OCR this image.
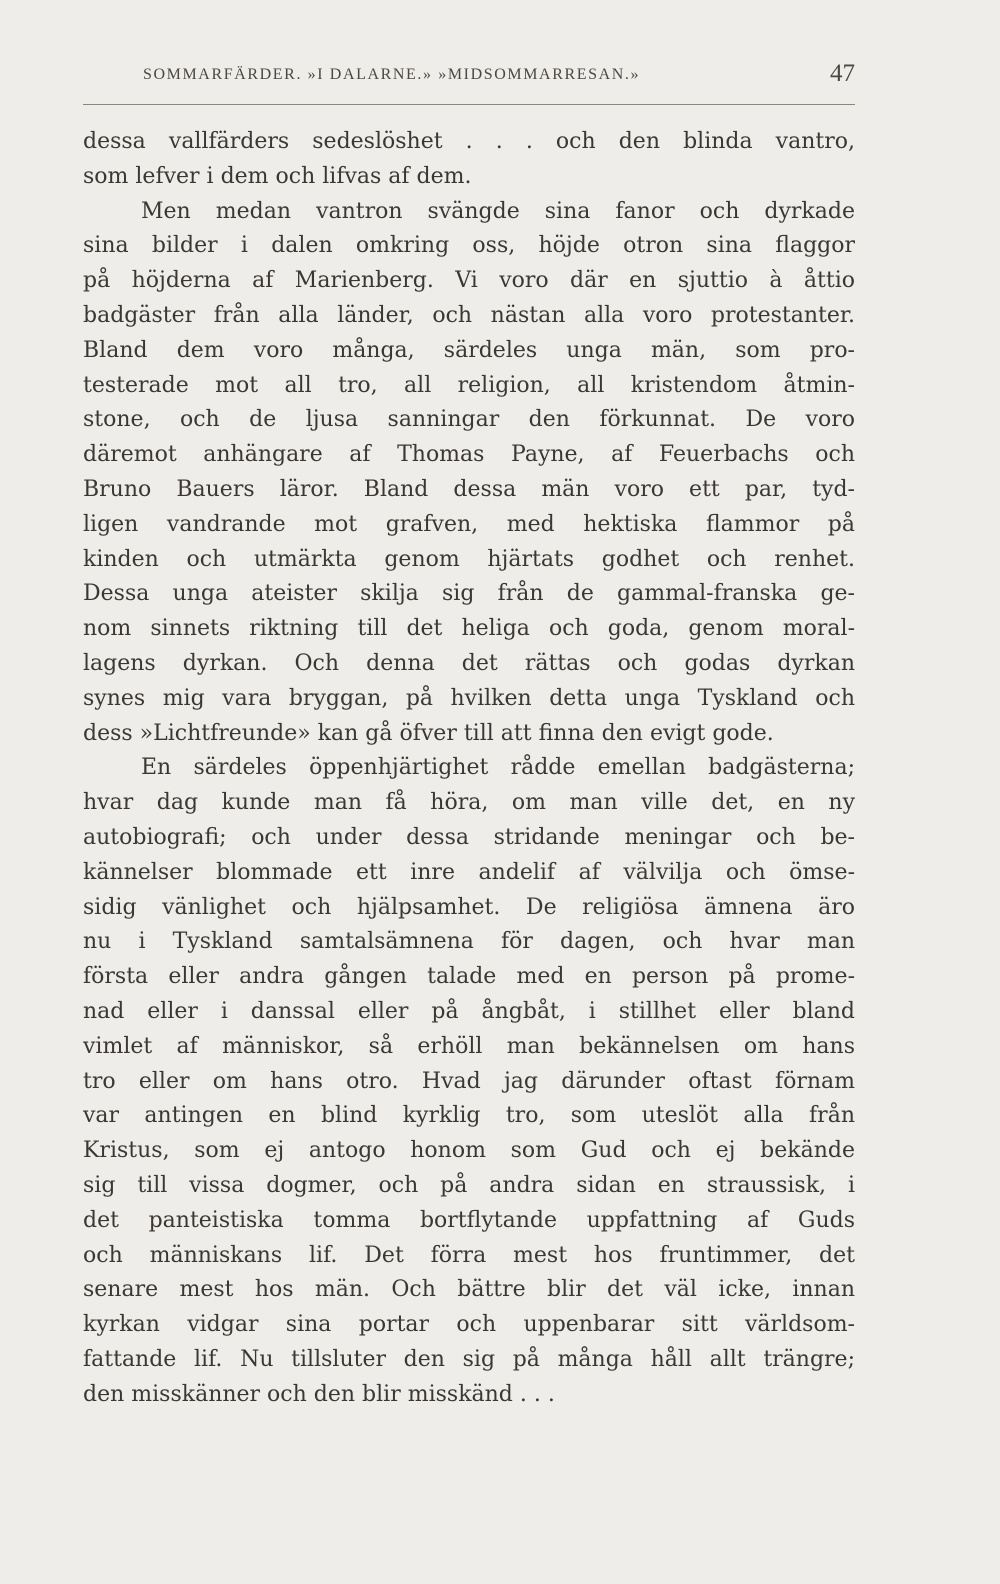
SOMMARFÄRDER. »I DALARNE.» »MIDSOMMARRESAN.»	47
dessa vallfärders sedeslöshet . . . och den blinda vantro,
som lefver i dem och lifvas af dem.
Men medan vantron svängde sina fanor och dyrkade
sina bilder i dalen omkring oss, höjde otron sina flaggor
på höjderna af Marienberg. Vi voro där en sjuttio à åttio
badgäster från alla länder, och nästan alla voro protestanter.
Bland dem voro många, särdeles unga män, som pro-
testerade mot all tro, all religion, all kristendom åtmin-
stone, och de ljusa sanningar den förkunnat. De voro
däremot anhängare af Thomas Payne, af Feuerbachs och
Bruno Bauers läror. Bland dessa män voro ett par, tyd-
ligen vandrande mot grafven, med hektiska flammor på
kinden och utmärkta genom hjärtats godhet och renhet.
Dessa unga ateister skilja sig från de gammal-franska ge-
nom sinnets riktning till det heliga och goda, genom moral-
lagens dyrkan. Och denna det rättas och godas dyrkan
synes mig vara bryggan, på hvilken detta unga Tyskland och
dess »Lichtfreunde» kan gå öfver till att finna den evigt gode.
En särdeles öppenhjärtighet rådde emellan badgästerna;
hvar dag kunde man få höra, om man ville det, en ny
autobiografi; och under dessa stridande meningar och be-
kännelser blommade ett inre andelif af välvilja och ömse-
sidig vänlighet och hjälpsamhet. De religiösa ämnena äro
nu i Tyskland samtalsämnena för dagen, och hvar man
första eller andra gången talade med en person på prome-
nad eller i danssal eller på ångbåt, i stillhet eller bland
vimlet af människor, så erhöll man bekännelsen om hans
tro eller om hans otro. Hvad jag därunder oftast förnam
var antingen en blind kyrklig tro, som uteslöt alla från
Kristus, som ej antogo honom som Gud och ej bekände
sig till vissa dogmer, och på andra sidan en straussisk, i
det panteistiska tomma bortflytande uppfattning af Guds
och människans lif. Det förra mest hos fruntimmer, det
senare mest hos män. Och bättre blir det väl icke, innan
kyrkan vidgar sina portar och uppenbarar sitt världsom-
fattande lif. Nu tillsluter den sig på många håll allt trängre;
den misskänner och den blir misskänd . . .
